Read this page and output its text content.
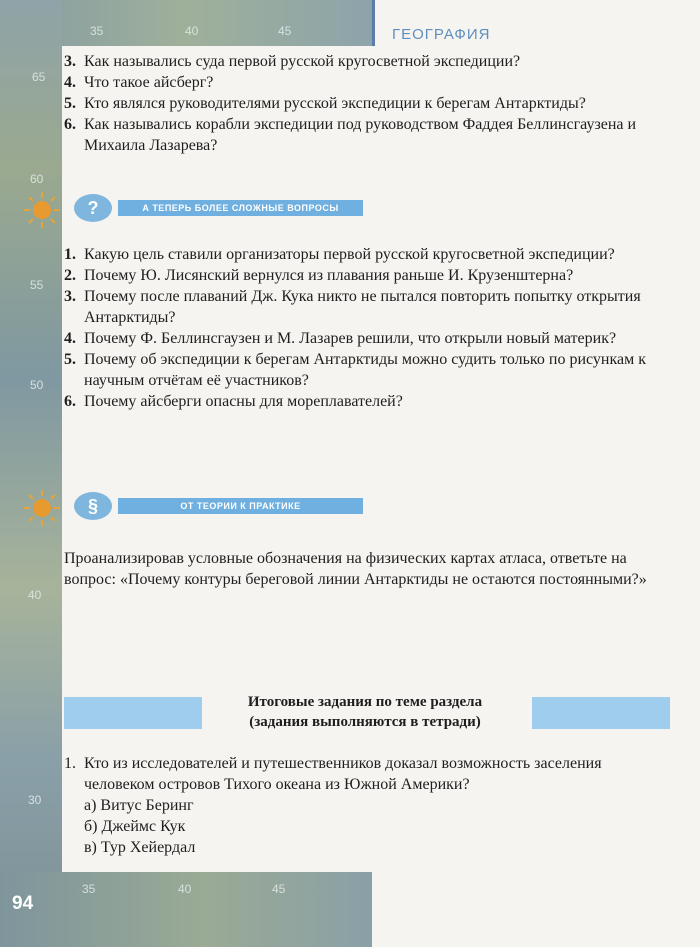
35	40	45
65
60
55
50
40
30
35	40	45
ГЕОГРАФИЯ

3. Как назывались суда первой русской кругосветной экспедиции?

4. Что такое айсберг?

5. Кто являлся руководителями русской экспедиции к берегам Антарктиды?

6. Как назывались корабли экспедиции под руководством Фаддея Беллинсгаузена и Михаила Лазарева?

?	А ТЕПЕРЬ БОЛЕЕ СЛОЖНЫЕ ВОПРОСЫ

1. Какую цель ставили организаторы первой русской кругосветной экспедиции?

2. Почему Ю. Лисянский вернулся из плавания раньше И. Крузенштерна?

3. Почему после плаваний Дж. Кука никто не пытался повторить попытку открытия Антарктиды?

4. Почему Ф. Беллинсгаузен и М. Лазарев решили, что открыли новый материк?

5. Почему об экспедиции к берегам Антарктиды можно судить только по рисункам к научным отчётам её участников?

6. Почему айсберги опасны для мореплавателей?

§	ОТ ТЕОРИИ К ПРАКТИКЕ
Проанализировав условные обозначения на физических картах атласа, ответьте на вопрос: «Почему контуры береговой линии Антарктиды не остаются постоянными?»
Итоговые задания по теме раздела
(задания выполняются в тетради)

1. Кто из исследователей и путешественников доказал возможность заселения человеком островов Тихого океана из Южной Америки?

а) Витус Беринг
б) Джеймс Кук
в) Тур Хейердал
94
